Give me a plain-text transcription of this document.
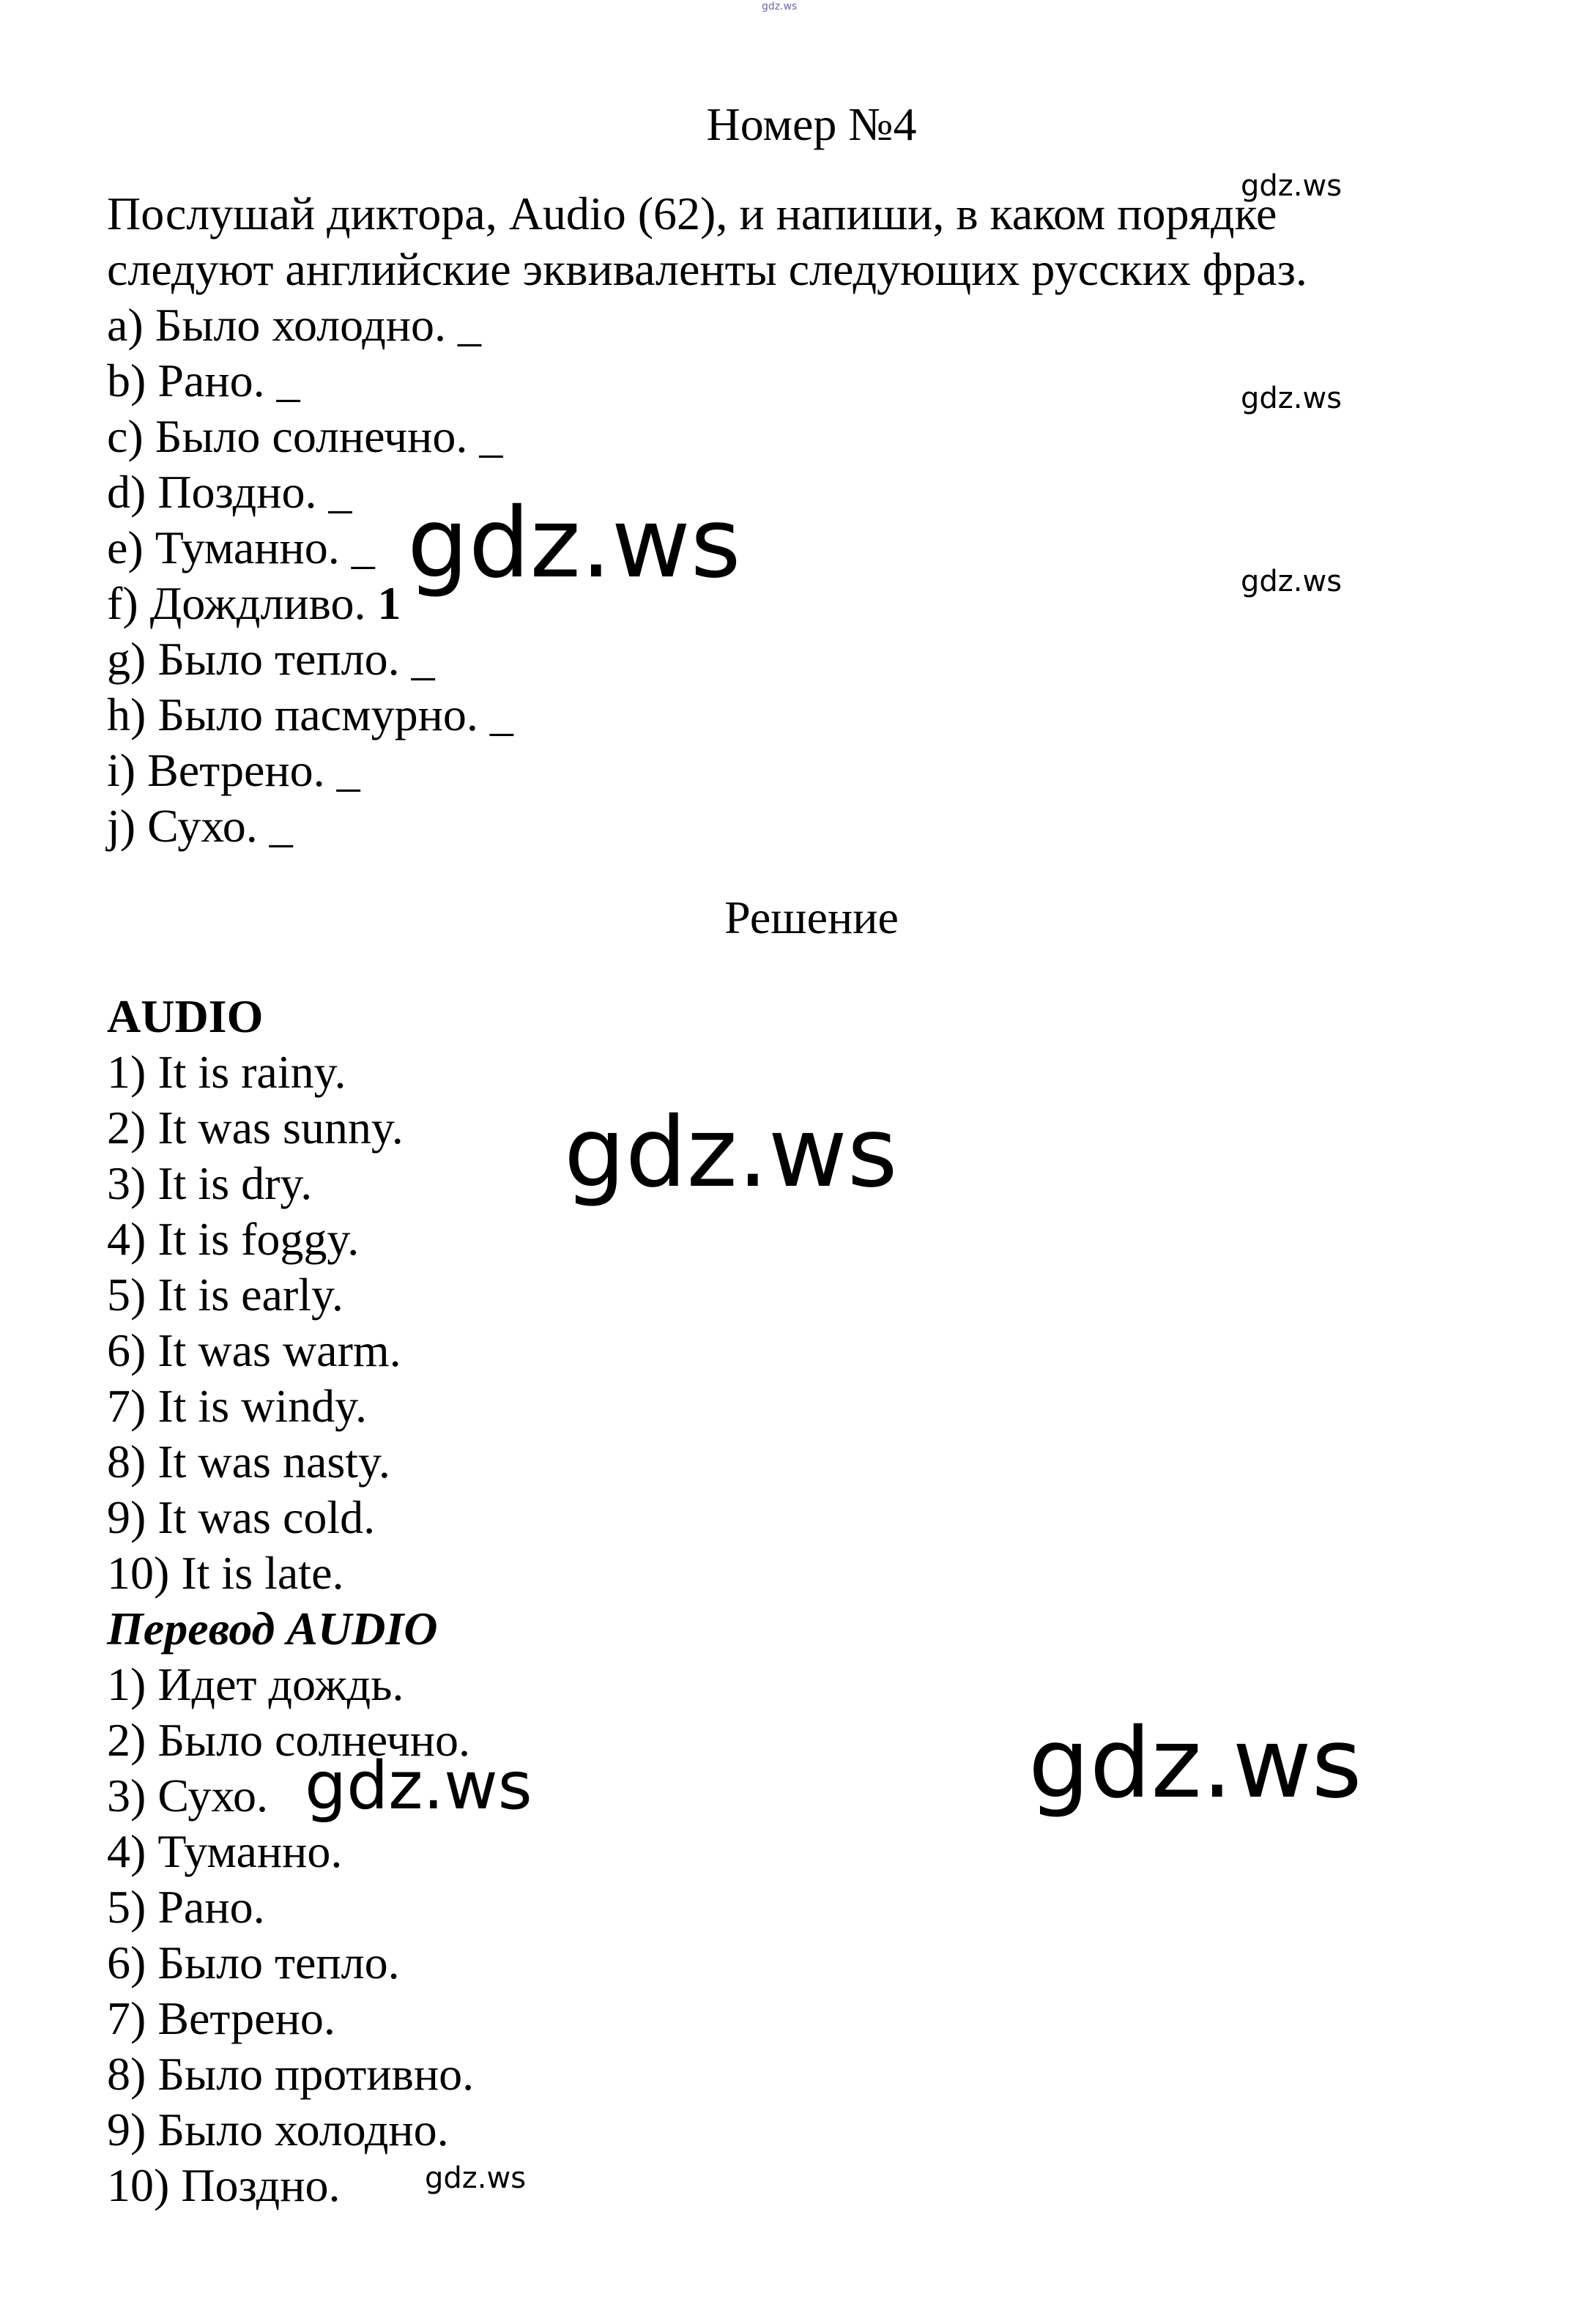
gdz.ws
Номер №4
Послушай диктора, Audio (62), и напиши, в каком порядке
следуют английские эквиваленты следующих русских фраз.
a) Было холодно. _
b) Рано. _
c) Было солнечно. _
d) Поздно. _
e) Туманно. _
f) Дождливо. 1
g) Было тепло. _
h) Было пасмурно. _
i) Ветрено. _
j) Сухо. _
Решение
AUDIO
1) It is rainy.
2) It was sunny.
3) It is dry.
4) It is foggy.
5) It is early.
6) It was warm.
7) It is windy.
8) It was nasty.
9) It was cold.
10) It is late.
Перевод AUDIO
1) Идет дождь.
2) Было солнечно.
3) Сухо.
4) Туманно.
5) Рано.
6) Было тепло.
7) Ветрено.
8) Было противно.
9) Было холодно.
10) Поздно.
gdz.ws
gdz.ws
gdz.ws
gdz.ws
gdz.ws
gdz.ws
gdz.ws
gdz.ws
